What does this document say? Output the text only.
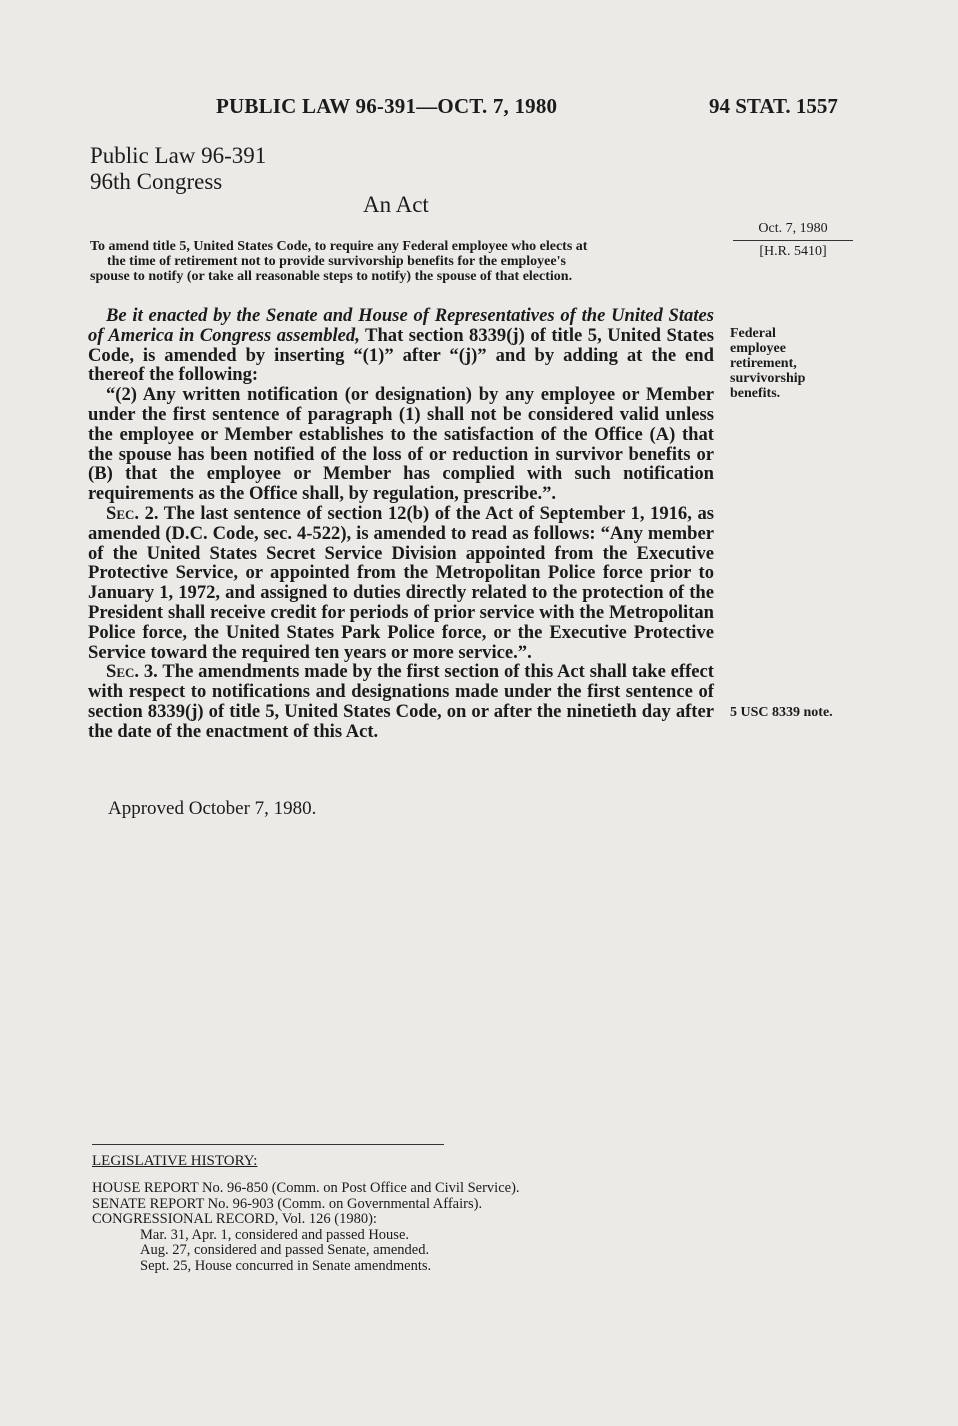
PUBLIC LAW 96-391—OCT. 7, 1980	94 STAT. 1557
Public Law 96-391
96th Congress
An Act
Oct. 7, 1980
[H.R. 5410]
To amend title 5, United States Code, to require any Federal employee who elects at
the time of retirement not to provide survivorship benefits for the employee's
spouse to notify (or take all reasonable steps to notify) the spouse of that election.

Be it enacted by the Senate and House of Representatives of the United States of America in Congress assembled, That section 8339(j) of title 5, United States Code, is amended by inserting “(1)” after “(j)” and by adding at the end thereof the following:

“(2) Any written notification (or designation) by any employee or Member under the first sentence of paragraph (1) shall not be considered valid unless the employee or Member establishes to the satisfaction of the Office (A) that the spouse has been notified of the loss of or reduction in survivor benefits or (B) that the employee or Member has complied with such notification requirements as the Office shall, by regulation, prescribe.”.

Sec. 2. The last sentence of section 12(b) of the Act of September 1, 1916, as amended (D.C. Code, sec. 4-522), is amended to read as follows: “Any member of the United States Secret Service Division appointed from the Executive Protective Service, or appointed from the Metropolitan Police force prior to January 1, 1972, and assigned to duties directly related to the protection of the President shall receive credit for periods of prior service with the Metropolitan Police force, the United States Park Police force, or the Executive Protective Service toward the required ten years or more service.”.

Sec. 3. The amendments made by the first section of this Act shall take effect with respect to notifications and designations made under the first sentence of section 8339(j) of title 5, United States Code, on or after the ninetieth day after the date of the enactment of this Act.

Federal
employee
retirement,
survivorship
benefits.
5 USC 8339 note.
Approved October 7, 1980.
LEGISLATIVE HISTORY:
HOUSE REPORT No. 96-850 (Comm. on Post Office and Civil Service).
SENATE REPORT No. 96-903 (Comm. on Governmental Affairs).
CONGRESSIONAL RECORD, Vol. 126 (1980):
Mar. 31, Apr. 1, considered and passed House.
Aug. 27, considered and passed Senate, amended.
Sept. 25, House concurred in Senate amendments.
